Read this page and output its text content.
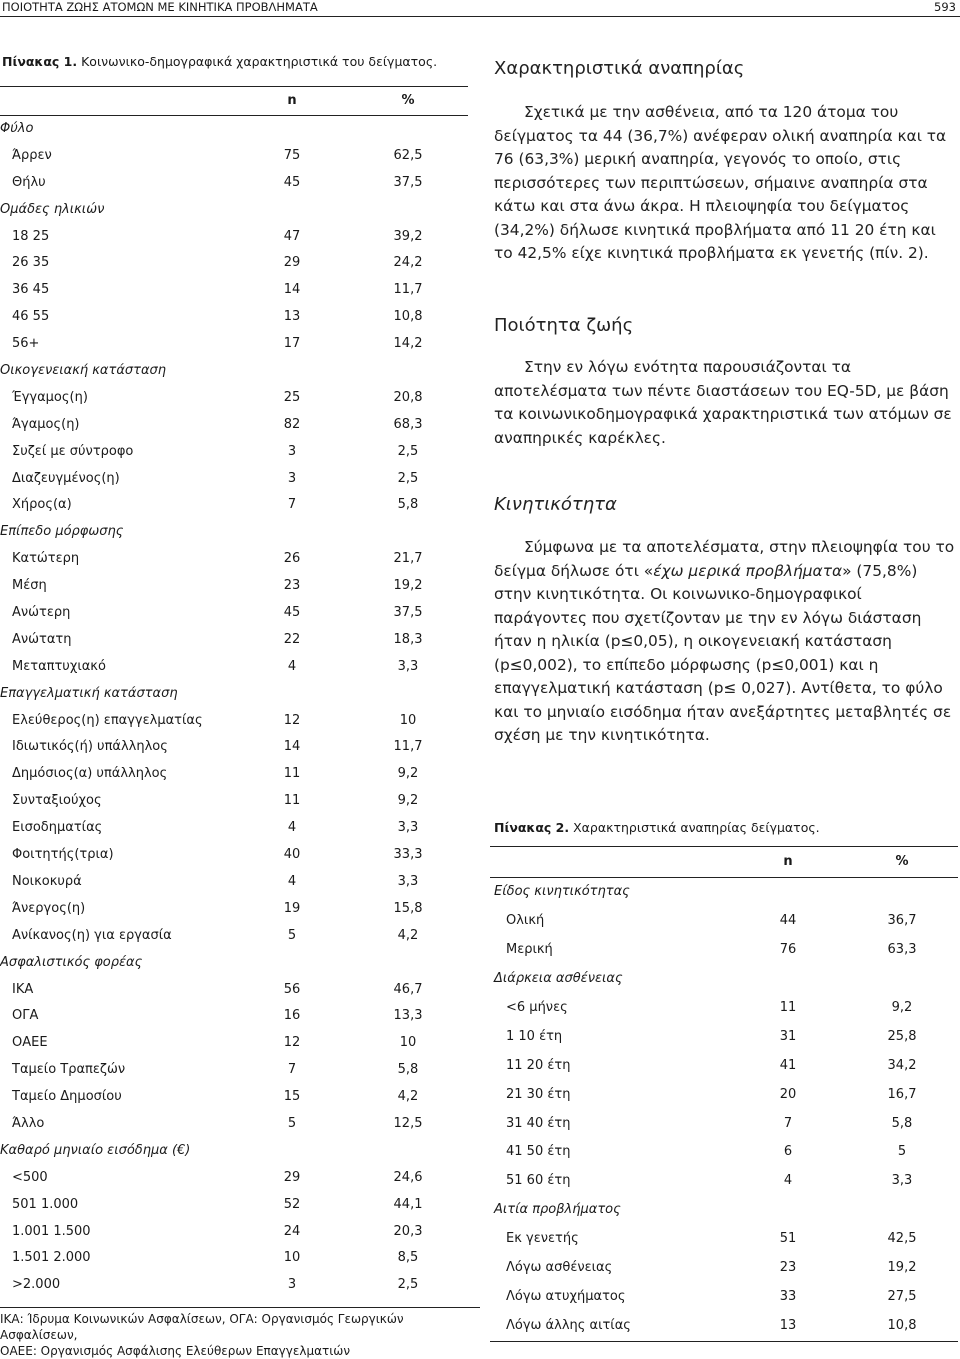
ΠΟΙΟΤΗΤΑ ΖΩΗΣ ΑΤΟΜΩΝ ΜΕ ΚΙΝΗΤΙΚΑ ΠΡΟΒΛΗΜΑΤΑ	593
Πίνακας 1. Κοινωνικο-δημογραφικά χαρακτηριστικά του δείγματος.
n	%
Φύλο
Άρρεν	75	62,5
Θήλυ	45	37,5
Ομάδες ηλικιών
18 25	47	39,2
26 35	29	24,2
36 45	14	11,7
46 55	13	10,8
56+	17	14,2
Οικογενειακή κατάσταση
Έγγαμος(η)	25	20,8
Άγαμος(η)	82	68,3
Συζεί με σύντροφο	3	2,5
Διαζευγμένος(η)	3	2,5
Χήρος(α)	7	5,8
Επίπεδο μόρφωσης
Κατώτερη	26	21,7
Μέση	23	19,2
Ανώτερη	45	37,5
Ανώτατη	22	18,3
Μεταπτυχιακό	4	3,3
Επαγγελματική κατάσταση
Ελεύθερος(η) επαγγελματίας	12	10
Ιδιωτικός(ή) υπάλληλος	14	11,7
Δημόσιος(α) υπάλληλος	11	9,2
Συνταξιούχος	11	9,2
Εισοδηματίας	4	3,3
Φοιτητής(τρια)	40	33,3
Νοικοκυρά	4	3,3
Άνεργος(η)	19	15,8
Ανίκανος(η) για εργασία	5	4,2
Ασφαλιστικός φορέας
ΙΚΑ	56	46,7
ΟΓΑ	16	13,3
ΟΑΕΕ	12	10
Ταμείο Τραπεζών	7	5,8
Ταμείο Δημοσίου	15	4,2
Άλλο	5	12,5
Καθαρό μηνιαίο εισόδημα (€)
<500	29	24,6
501 1.000	52	44,1
1.001 1.500	24	20,3
1.501 2.000	10	8,5
>2.000	3	2,5
ΙΚΑ: Ίδρυμα Κοινωνικών Ασφαλίσεων, ΟΓΑ: Οργανισμός Γεωργικών Ασφαλίσεων,
ΟΑΕΕ: Οργανισμός Ασφάλισης Ελεύθερων Επαγγελματιών
Χαρακτηριστικά αναπηρίας
Σχετικά με την ασθένεια, από τα 120 άτομα του δείγματος τα 44 (36,7%) ανέφεραν ολική αναπηρία και τα 76 (63,3%) μερική αναπηρία, γεγονός το οποίο, στις περισσότερες των περιπτώσεων, σήμαινε αναπηρία στα κάτω και στα άνω άκρα. Η πλειοψηφία του δείγματος (34,2%) δήλωσε κινητικά προβλήματα από 11 20 έτη και το 42,5% είχε κινητικά προβλήματα εκ γενετής (πίν. 2).
Ποιότητα ζωής
Στην εν λόγω ενότητα παρουσιάζονται τα αποτελέσματα των πέντε διαστάσεων του EQ-5D, με βάση τα κοινωνικοδημογραφικά χαρακτηριστικά των ατόμων σε αναπηρικές καρέκλες.
Κινητικότητα
Σύμφωνα με τα αποτελέσματα, στην πλειοψηφία του το δείγμα δήλωσε ότι «έχω μερικά προβλήματα» (75,8%) στην κινητικότητα. Οι κοινωνικο-δημογραφικοί παράγοντες που σχετίζονταν με την εν λόγω διάσταση ήταν η ηλικία (p≤0,05), η οικογενειακή κατάσταση (p≤0,002), το επίπεδο μόρφωσης (p≤0,001) και η επαγγελματική κατάσταση (p≤ 0,027). Αντίθετα, το φύλο και το μηνιαίο εισόδημα ήταν ανεξάρτητες μεταβλητές σε σχέση με την κινητικότητα.
Πίνακας 2. Χαρακτηριστικά αναπηρίας δείγματος.
n	%
Είδος κινητικότητας
Ολική	44	36,7
Μερική	76	63,3
Διάρκεια ασθένειας
<6 μήνες	11	9,2
1 10 έτη	31	25,8
11 20 έτη	41	34,2
21 30 έτη	20	16,7
31 40 έτη	7	5,8
41 50 έτη	6	5
51 60 έτη	4	3,3
Αιτία προβλήματος
Εκ γενετής	51	42,5
Λόγω ασθένειας	23	19,2
Λόγω ατυχήματος	33	27,5
Λόγω άλλης αιτίας	13	10,8
